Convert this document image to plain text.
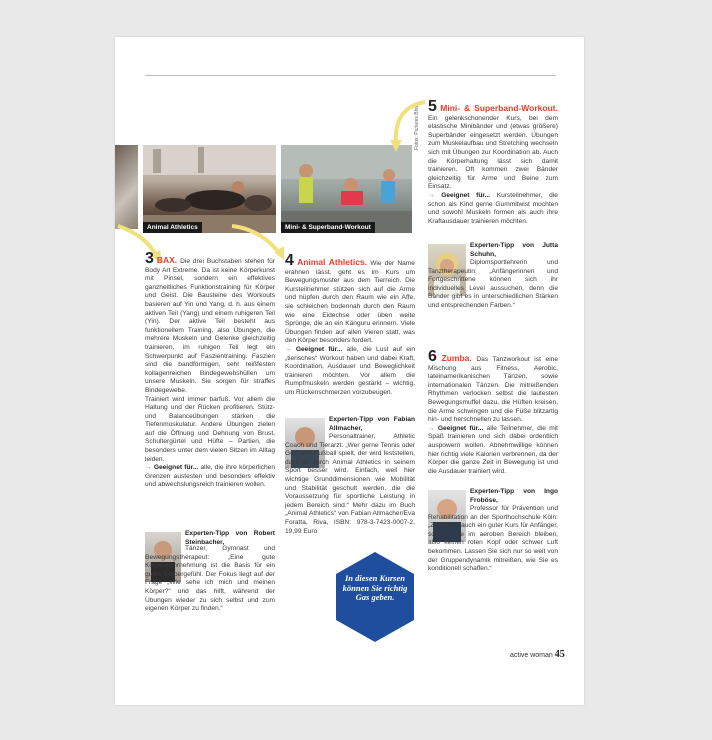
Animal Athletics	Mini- & Superband-Workout
Fotos: Purlares Bhiw

3 BAX. Die drei Buchstaben stehen für Body Art Extreme. Da ist keine Körperkunst mit Pinsel, sondern ein effektives ganzheitliches Funktionstraining für Körper und Geist. Die Bausteine des Workouts basieren auf Yin und Yang, d. h. aus einem aktiven Teil (Yang) und einem ruhigeren Teil (Yin). Der aktive Teil besteht aus funktionellem Training, also Übungen, die mehrere Muskeln und Gelenke gleichzeitig trainieren, im ruhigen Teil legt ein Schwerpunkt auf Faszientraining. Faszien sind die bandförmigen, sehr reißfesten kollagenreichen Bindegewebshüllen um unsere Muskeln. Sie sorgen für straffes Bindegewebe.

Trainiert wird immer barfuß. Vor allem die Haltung und der Rücken profitieren. Stütz- und Balanceübungen stärken die Tiefenmuskulatur. Andere Übungen zielen auf die Öffnung und Dehnung von Brust, Schultergürtel und Hüfte – Partien, die besonders unter dem vielen Sitzen im Alltag leiden.

→ Geeignet für... alle, die ihre körperlichen Grenzen austesten und besonders effektiv und abwechslungsreich trainieren wollen.

Experten-Tipp von Robert Steinbacher,

Tänzer, Gymnast und Bewegungstherapeut: „Eine gute Körperwahrnehmung ist die Basis für ein gutes Körpergefühl. Der Fokus liegt auf der Frage „Wie sehe ich mich und meinen Körper?“ und das hilft, während der Übungen wieder zu sich selbst und zum eigenen Körper zu finden.“

4 Animal Athletics. Wie der Name erahnen lässt, geht es im Kurs um Bewegungsmuster aus dem Tierreich. Die Kursteilnehmer stützen sich auf die Arme und hüpfen durch den Raum wie ein Affe, sie schleichen bodennah durch den Raum wie eine Eidechse oder üben weite Sprünge, die an ein Känguru erinnern. Viele Übungen finden auf allen Vieren statt, was den Körper besonders fordert.

→ Geeignet für... alle, die Lust auf ein „tierisches“ Workout haben und dabei Kraft, Koordination, Ausdauer und Beweglichkeit trainieren möchten. Vor allem die Rumpfmuskeln werden gestärkt – wichtig, um Rückenschmerzen vorzubeugen.

Experten-Tipp von Fabian Allmacher,

Personaltrainer, Athletic Coach und Tierarzt: „Wer gerne Tennis oder Golf oder Fußball spielt, der wird feststellen, dass er durch Animal Athletics in seinem Sport besser wird. Einfach, weil hier wichtige Grunddimensionen wie Mobilität und Stabilität geschult werden, die die Voraussetzung für sportliche Leistung in jedem Bereich sind.“ Mehr dazu im Buch „Animal Athletics“ von Fabian Allmacher/Eva Foratta, Riva, ISBN: 978-3-7423-0007-2, 19,99 Euro

5 Mini- & Superband-Workout. Ein gelenkschonender Kurs, bei dem elastische Minibänder und (etwas größere) Superbänder eingesetzt werden. Übungen zum Muskelaufbau und Stretching wechseln sich mit Übungen zur Koordination ab. Auch die Körperhaltung lässt sich damit trainieren. Oft kommen zwei Bänder gleichzeitig für Arme und Beine zum Einsatz.

→ Geeignet für... Kursteilnehmer, die schon als Kind gerne Gummitwist mochten und sowohl Muskeln formen als auch ihre Kraftausdauer trainieren möchten.

Experten-Tipp von Jutta Schuhn,

Diplomsportlehrerin und Tanztherapeutin: „Anfängerinnen und Fortgeschrittene können sich ihr individuelles Level aussuchen, denn die Bänder gibt es in unterschiedlichen Stärken und entsprechenden Farben.“

6 Zumba. Das Tanzworkout ist eine Mischung aus Fitness, Aerobic, lateinamerikanischen Tänzen, sowie internationalen Tänzen. Die mitreißenden Rhythmen verlocken selbst die lautesten Bewegungsmuffel dazu, die Hüften kreisen, die Arme schwingen und die Füße blitzartig hin- und herschnellen zu lassen.

→ Geeignet für... alle Teilnehmer, die mit Spaß trainieren und sich dabei ordentlich auspowern wollen. Abnehmwillige können hier richtig viele Kalorien verbrennen, da der Körper die ganze Zeit in Bewegung ist und die Ausdauer trainiert wird.

Experten-Tipp von Ingo Froböse,

Professor für Prävention und Rehabilitation an der Sporthochschule Köln: „Zumba ist auch ein guter Kurs für Anfänger, solange sie im aeroben Bereich bleiben, also keinen roten Kopf oder schwer Luft bekommen. Lassen Sie sich nur so weit von der Gruppendynamik mitreißen, wie Sie es konditionell schaffen.“

In diesen Kursen können Sie richtig Gas geben.
active woman 45
